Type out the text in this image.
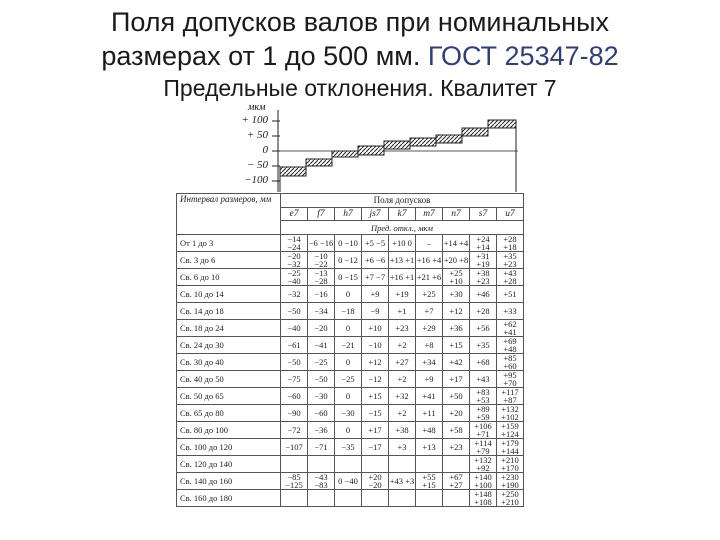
Поля допусков валов при номинальных
размерах от 1 до 500 мм. ГОСТ 25347-82
Предельные отклонения. Квалитет 7
мкм
+ 100
+ 50
0
− 50
−100
Интервал размеров, мм	Поля допусков								
	e7	f7	h7	js7	k7	m7	n7	s7	u7
	Пред. откл., мкм								
От 1 до 3	−14 −24	−6 −16	0 −10	+5 −5	+10 0	–	+14 +4	+24 +14	+28 +18
Св. 3 до 6	−20 −32	−10 −22	0 −12	+6 −6	+13 +1	+16 +4	+20 +8	+31 +19	+35 +23
Св. 6 до 10	−25 −40	−13 −28	0 −15	+7 −7	+16 +1	+21 +6	+25 +10	+38 +23	+43 +28
Св. 10 до 14	−32	−16	0	+9	+19	+25	+30	+46	+51
Св. 14 до 18	−50	−34	−18	−9	+1	+7	+12	+28	+33
Св. 18 до 24	−40	−20	0	+10	+23	+29	+36	+56	+62 +41
Св. 24 до 30	−61	−41	−21	−10	+2	+8	+15	+35	+69 +48
Св. 30 до 40	−50	−25	0	+12	+27	+34	+42	+68	+85 +60
Св. 40 до 50	−75	−50	−25	−12	+2	+9	+17	+43	+95 +70
Св. 50 до 65	−60	−30	0	+15	+32	+41	+50	+83 +53	+117 +87
Св. 65 до 80	−90	−60	−30	−15	+2	+11	+20	+89 +59	+132 +102
Св. 80 до 100	−72	−36	0	+17	+38	+48	+58	+106 +71	+159 +124
Св. 100 до 120	−107	−71	−35	−17	+3	+13	+23	+114 +79	+179 +144
Св. 120 до 140								+132 +92	+210 +170
Св. 140 до 160	−85 −125	−43 −83	0 −40	+20 −20	+43 +3	+55 +15	+67 +27	+140 +100	+230 +190
Св. 160 до 180								+148 +108	+250 +210
